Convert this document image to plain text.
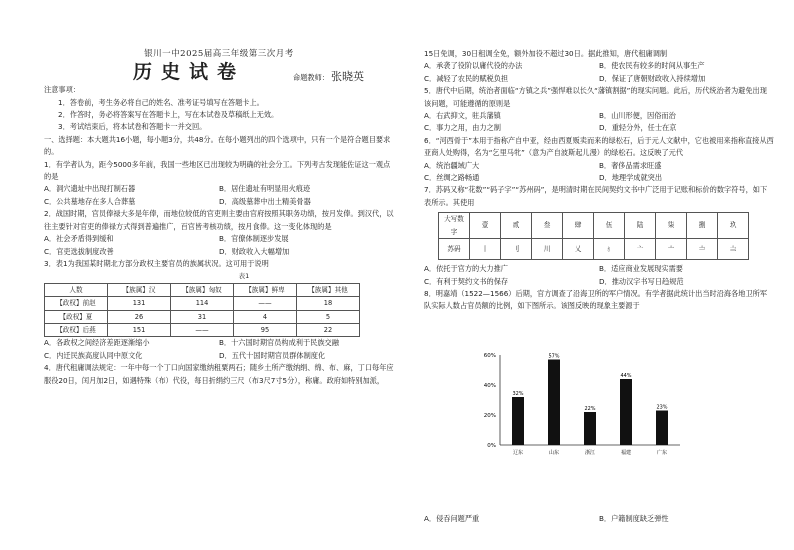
银川一中2025届高三年级第三次月考
历史试卷	命题教师： 张晓英

注意事项：

1．答卷前，考生务必将自己的姓名、准考证号填写在答题卡上。

2．作答时，务必将答案写在答题卡上，写在本试卷及草稿纸上无效。

3．考试结束后，将本试卷和答题卡一并交回。

一、选择题：本大题共16小题，每小题3分，共48分。在每小题列出的四个选项中，只有一个是符合题目要求的。

1．有学者认为，距今5000多年前，我国一些地区已出现较为明确的社会分工。下列考古发现能佐证这一观点的是

A．洞穴遗址中出现打制石器	B．居住遗址有明显用火痕迹
C．公共墓地存在多人合葬墓	D．高级墓葬中出土精美骨器

2．战国时期，官员俸禄大多是年俸，而地位较低的官吏则主要由官府按照其职务功绩，按月发俸。到汉代，以往主要针对官吏的俸禄方式得到普遍推广，百官皆考核功绩，按月食俸。这一变化体现的是

A．社会矛盾得到缓和	B．官僚体制逐步发展
C．官吏选拔制度改善	D．财政收入大幅增加

3．表1为我国某时期北方部分政权主要官员的族属状况。这可用于说明

表1
人数	【族属】汉	【族属】匈奴	【族属】鲜卑	【族属】其他
【政权】前赵	131	114	——	18
【政权】夏	26	31	4	5
【政权】后燕	151	——	95	22
A．各政权之间经济差距逐渐缩小	B．十六国时期官员构成利于民族交融
C．内迁民族高度认同中原文化	D．五代十国时期官员群体制度化

4．唐代租庸调法规定：一年中每一个丁口向国家缴纳租粟两石；随乡土所产缴纳绢、绵、布、麻，丁口每年应服役20日，闰月加2日，如遇特殊（布）代役，每日折绢约三尺（布3尺7寸5分），称庸。政府如特别加派，

15日免调，30日租调全免，额外加役不超过30日。据此推知，唐代租庸调制

A．承袭了役阶以庸代役的办法	B．使农民有较多的时间从事生产
C．减轻了农民的赋税负担	D．保证了唐朝财政收入持续增加

5．唐代中后期，统治者面临“方镇之兵”强悍难以长久“藩镇割据”的现实问题。此后，历代统治者为避免出现该问题，可能遵循的原则是

A．右武抑文，驻兵藩镇	B．山川形便，因俗而治
C．事力之用，由力之制	D．重轻分外，任士在京

6．“河西骨于”本用于指称产自中亚，经由西夏贩卖而来的绿松石，后于元人文献中，它也被用来指称直接从西亚商人处购得，名为“乞里马牝”（意为产自波斯起儿漫）的绿松石。这反映了元代

A．统治疆域广大	B．奢侈品需求旺盛
C．丝绸之路畅通	D．地理学成就突出

7．苏码又称“花数”“码子字”“苏州码”，是明清时期在民间契约文书中广泛用于记账和标价的数字符号，如下表所示。其使用

大写数字	壹	贰	叁	肆	伍	陆	柒	捌	玖
苏码	丨	刂	川	乂	〥	亠	〦	〧	〨
A．依托于官方的大力推广	B．适应商业发展现实需要
C．有利于契约文书的保存	D．推动汉字书写日趋规范

8．明嘉靖（1522—1566）后期，官方调查了沿海卫所的军户情况。有学者据此统计出当时沿海各地卫所军队实际人数占官员额的比例，如下图所示。该图反映的现象主要源于

0%
20%
40%
60%
32%
辽东
57%
山东
22%
浙江
44%
福建
23%
广东
A．侵吞问题严重	B．户籍制度缺乏弹性
